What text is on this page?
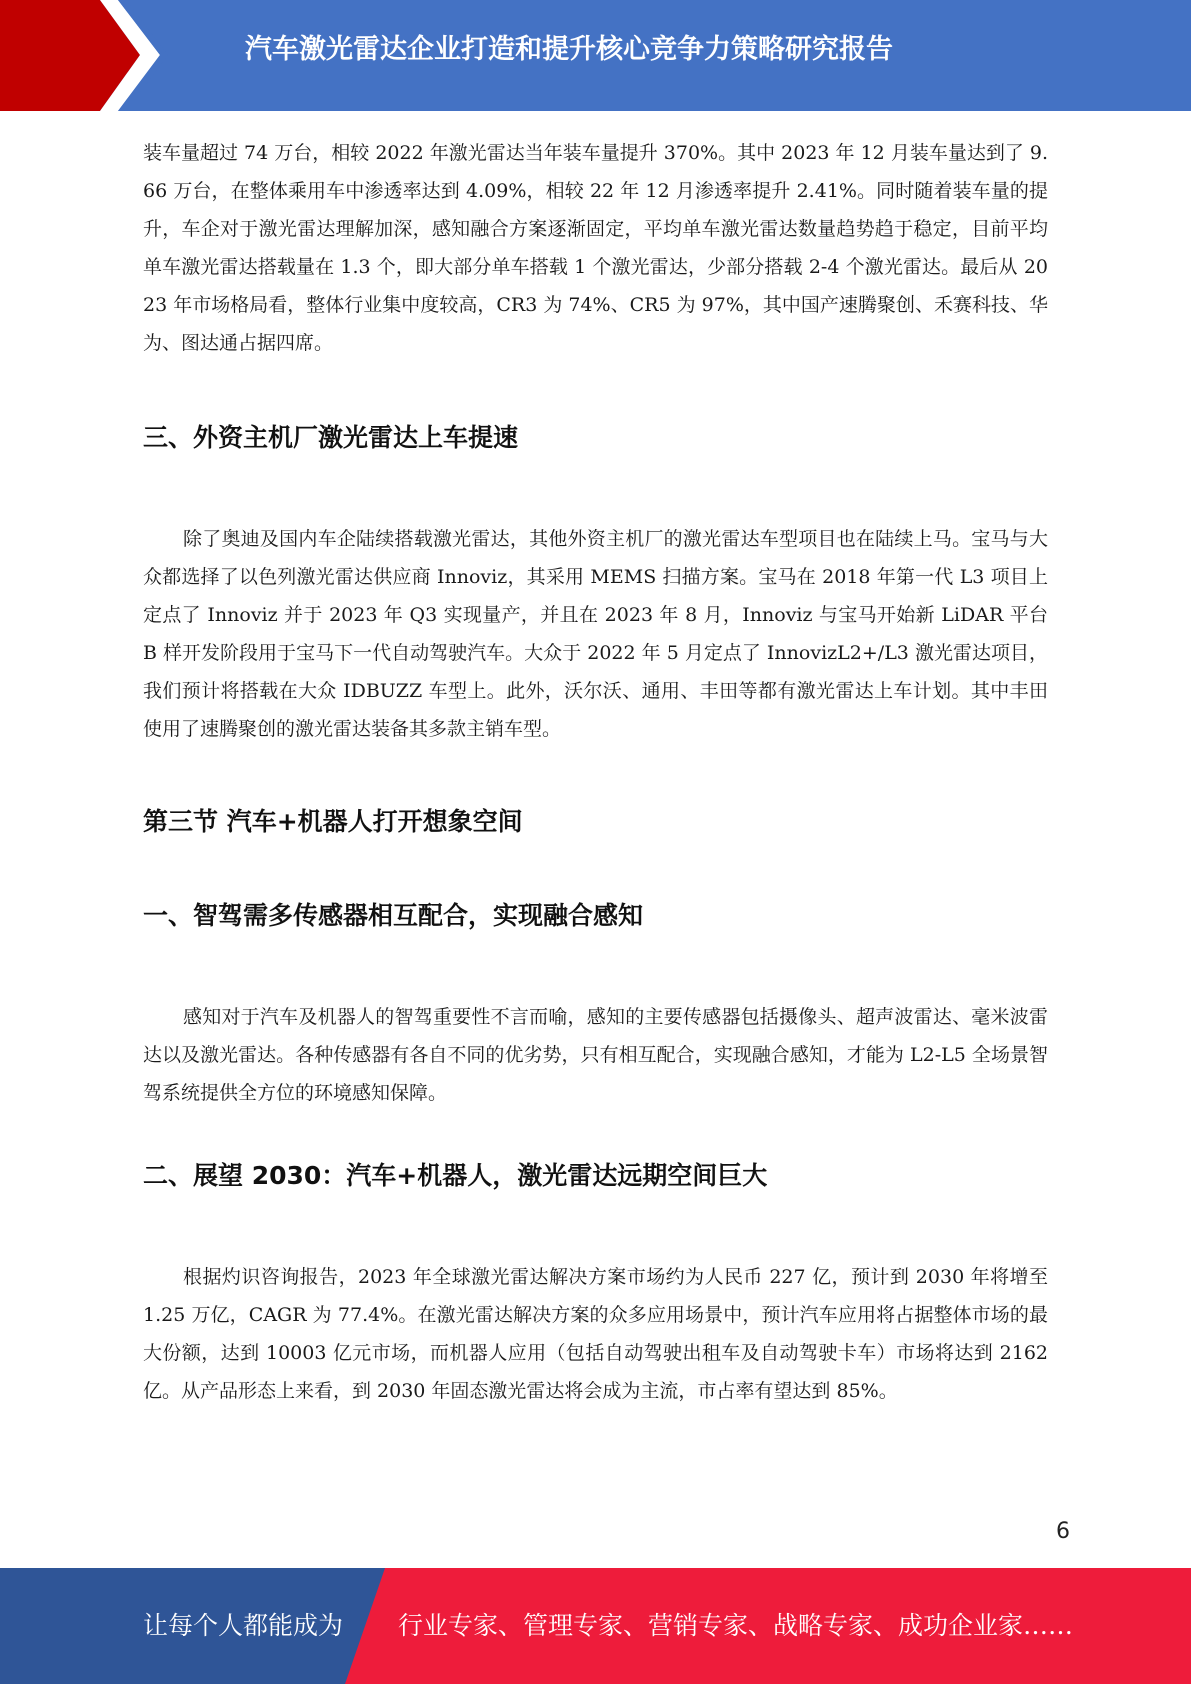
汽车激光雷达企业打造和提升核心竞争力策略研究报告

装车量超过 74 万台，相较 2022 年激光雷达当年装车量提升 370%。其中 2023 年 12 月装车量达到了 9.66 万台，在整体乘用车中渗透率达到 4.09%，相较 22 年 12 月渗透率提升 2.41%。同时随着装车量的提升，车企对于激光雷达理解加深，感知融合方案逐渐固定，平均单车激光雷达数量趋势趋于稳定，目前平均单车激光雷达搭载量在 1.3 个，即大部分单车搭载 1 个激光雷达，少部分搭载 2-4 个激光雷达。最后从 2023 年市场格局看，整体行业集中度较高，CR3 为 74%、CR5 为 97%，其中国产速腾聚创、禾赛科技、华为、图达通占据四席。

三、外资主机厂激光雷达上车提速

除了奥迪及国内车企陆续搭载激光雷达，其他外资主机厂的激光雷达车型项目也在陆续上马。宝马与大众都选择了以色列激光雷达供应商 Innoviz，其采用 MEMS 扫描方案。宝马在 2018 年第一代 L3 项目上定点了 Innoviz 并于 2023 年 Q3 实现量产，并且在 2023 年 8 月，Innoviz 与宝马开始新 LiDAR 平台 B 样开发阶段用于宝马下一代自动驾驶汽车。大众于 2022 年 5 月定点了 InnovizL2+/L3 激光雷达项目，我们预计将搭载在大众 IDBUZZ 车型上。此外，沃尔沃、通用、丰田等都有激光雷达上车计划。其中丰田使用了速腾聚创的激光雷达装备其多款主销车型。

第三节 汽车+机器人打开想象空间
一、智驾需多传感器相互配合，实现融合感知

感知对于汽车及机器人的智驾重要性不言而喻，感知的主要传感器包括摄像头、超声波雷达、毫米波雷达以及激光雷达。各种传感器有各自不同的优劣势，只有相互配合，实现融合感知，才能为 L2-L5 全场景智驾系统提供全方位的环境感知保障。

二、展望 2030：汽车+机器人，激光雷达远期空间巨大

根据灼识咨询报告，2023 年全球激光雷达解决方案市场约为人民币 227 亿，预计到 2030 年将增至 1.25 万亿，CAGR 为 77.4%。在激光雷达解决方案的众多应用场景中，预计汽车应用将占据整体市场的最大份额，达到 10003 亿元市场，而机器人应用（包括自动驾驶出租车及自动驾驶卡车）市场将达到 2162 亿。从产品形态上来看，到 2030 年固态激光雷达将会成为主流，市占率有望达到 85%。

6
让每个人都能成为 行业专家、管理专家、营销专家、战略专家、成功企业家……
